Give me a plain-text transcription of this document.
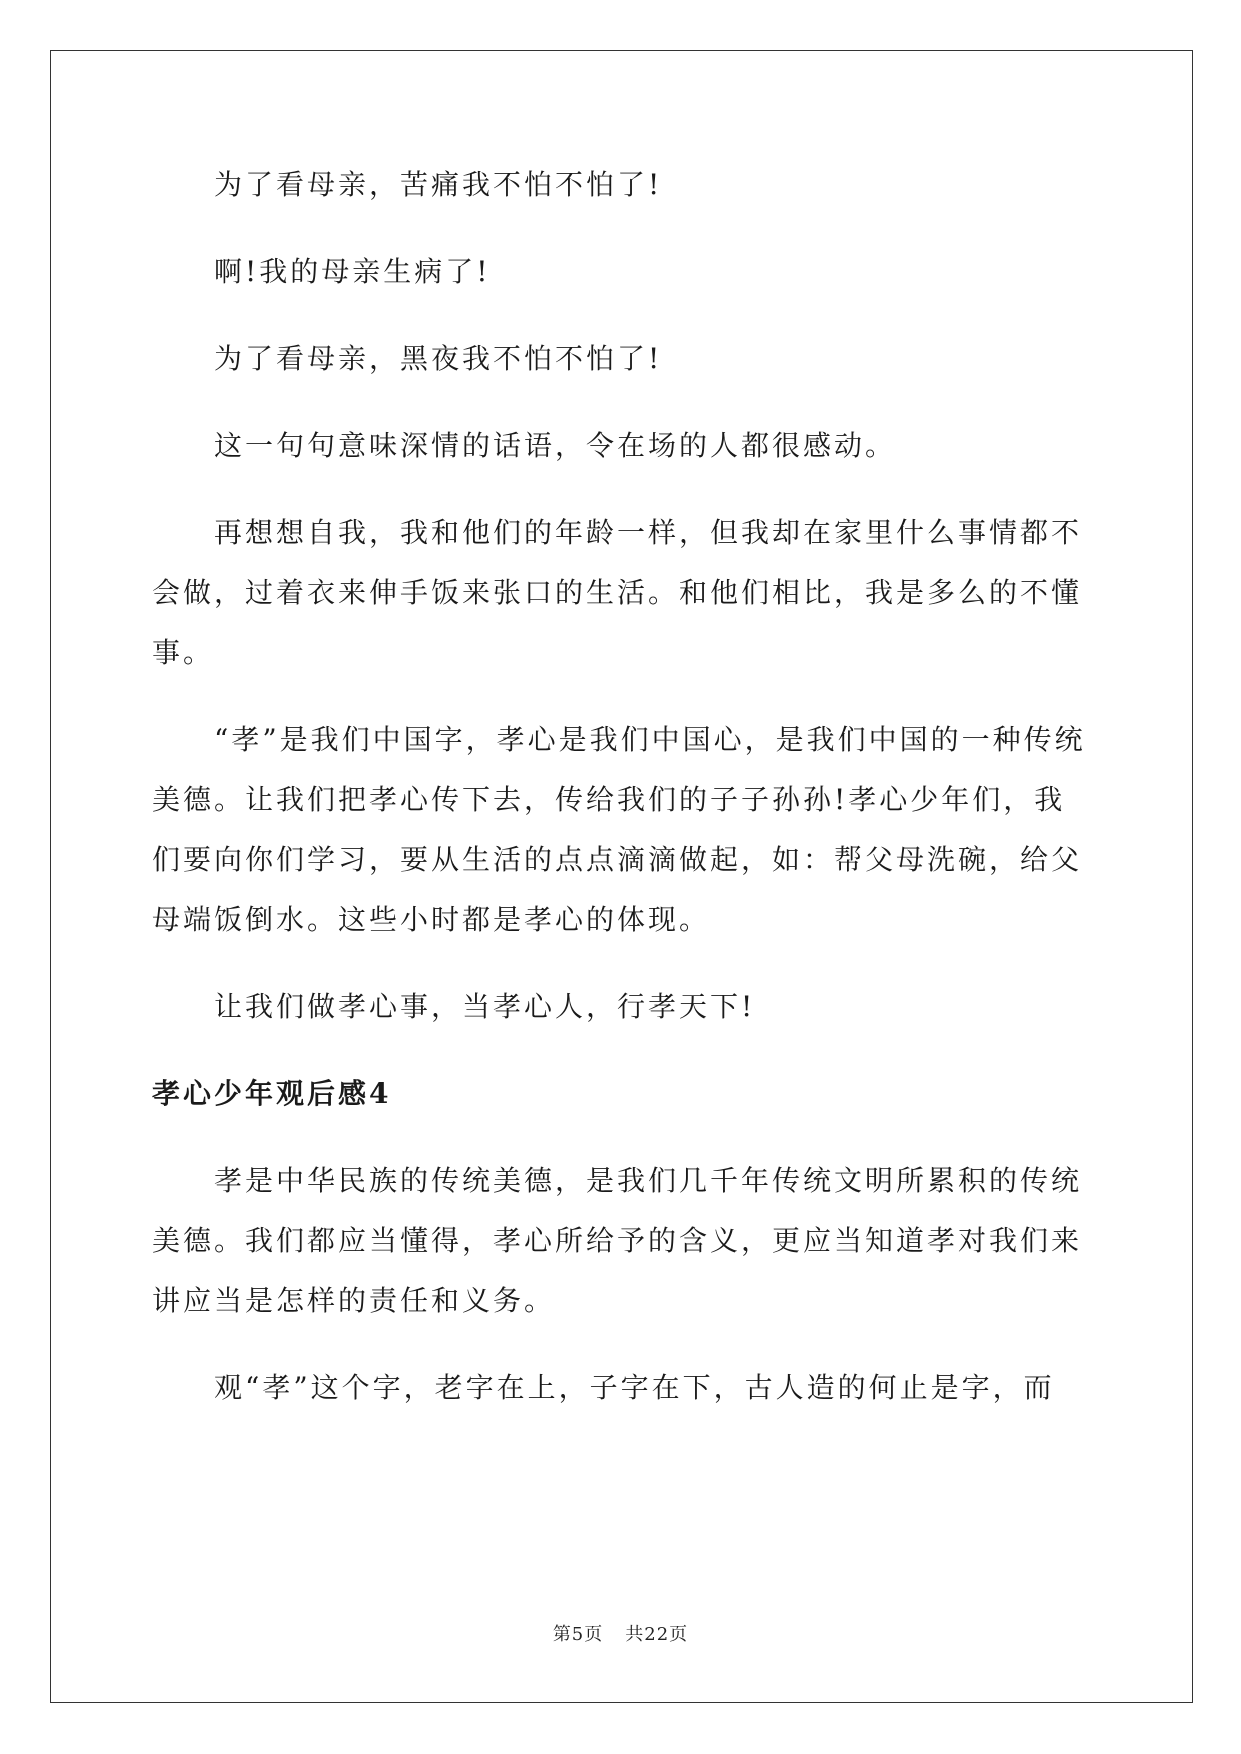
为了看母亲，苦痛我不怕不怕了!

啊!我的母亲生病了!

为了看母亲，黑夜我不怕不怕了!

这一句句意味深情的话语，令在场的人都很感动。

再想想自我，我和他们的年龄一样，但我却在家里什么事情都不会做，过着衣来伸手饭来张口的生活。和他们相比，我是多么的不懂事。

“孝”是我们中国字，孝心是我们中国心，是我们中国的一种传统美德。让我们把孝心传下去，传给我们的子子孙孙!孝心少年们，我们要向你们学习，要从生活的点点滴滴做起，如：帮父母洗碗，给父母端饭倒水。这些小时都是孝心的体现。

让我们做孝心事，当孝心人，行孝天下!

孝心少年观后感4

孝是中华民族的传统美德，是我们几千年传统文明所累积的传统美德。我们都应当懂得，孝心所给予的含义，更应当知道孝对我们来讲应当是怎样的责任和义务。

观“孝”这个字，老字在上，子字在下，古人造的何止是字，而

第5页 共22页
